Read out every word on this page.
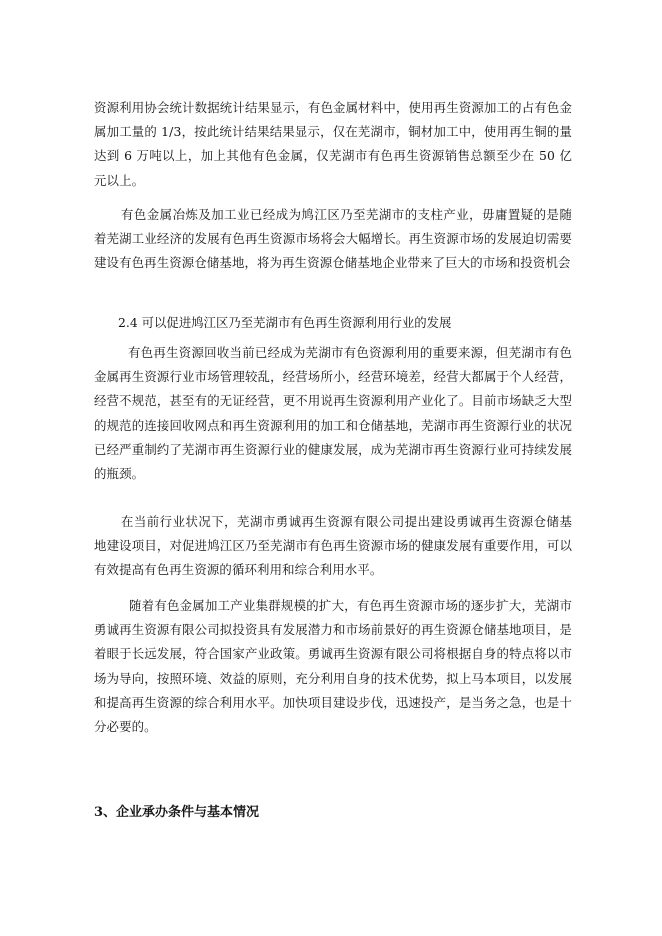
资源利用协会统计数据统计结果显示，有色金属材料中，使用再生资源加工的占有色金属加工量的 1/3，按此统计结果结果显示，仅在芜湖市，铜材加工中，使用再生铜的量达到 6 万吨以上，加上其他有色金属，仅芜湖市有色再生资源销售总额至少在 50 亿元以上。

有色金属冶炼及加工业已经成为鸠江区乃至芜湖市的支柱产业，毋庸置疑的是随着芜湖工业经济的发展有色再生资源市场将会大幅增长。再生资源市场的发展迫切需要建设有色再生资源仓储基地，将为再生资源仓储基地企业带来了巨大的市场和投资机会

2.4 可以促进鸠江区乃至芜湖市有色再生资源利用行业的发展

有色再生资源回收当前已经成为芜湖市有色资源利用的重要来源，但芜湖市有色金属再生资源行业市场管理较乱，经营场所小，经营环境差，经营大都属于个人经营，经营不规范，甚至有的无证经营，更不用说再生资源利用产业化了。目前市场缺乏大型的规范的连接回收网点和再生资源利用的加工和仓储基地，芜湖市再生资源行业的状况已经严重制约了芜湖市再生资源行业的健康发展，成为芜湖市再生资源行业可持续发展的瓶颈。

在当前行业状况下，芜湖市勇诚再生资源有限公司提出建设勇诚再生资源仓储基地建设项目，对促进鸠江区乃至芜湖市有色再生资源市场的健康发展有重要作用，可以有效提高有色再生资源的循环利用和综合利用水平。

随着有色金属加工产业集群规模的扩大，有色再生资源市场的逐步扩大，芜湖市勇诚再生资源有限公司拟投资具有发展潜力和市场前景好的再生资源仓储基地项目，是着眼于长远发展，符合国家产业政策。勇诚再生资源有限公司将根据自身的特点将以市场为导向，按照环境、效益的原则，充分利用自身的技术优势，拟上马本项目，以发展和提高再生资源的综合利用水平。加快项目建设步伐，迅速投产，是当务之急，也是十分必要的。

3、企业承办条件与基本情况
